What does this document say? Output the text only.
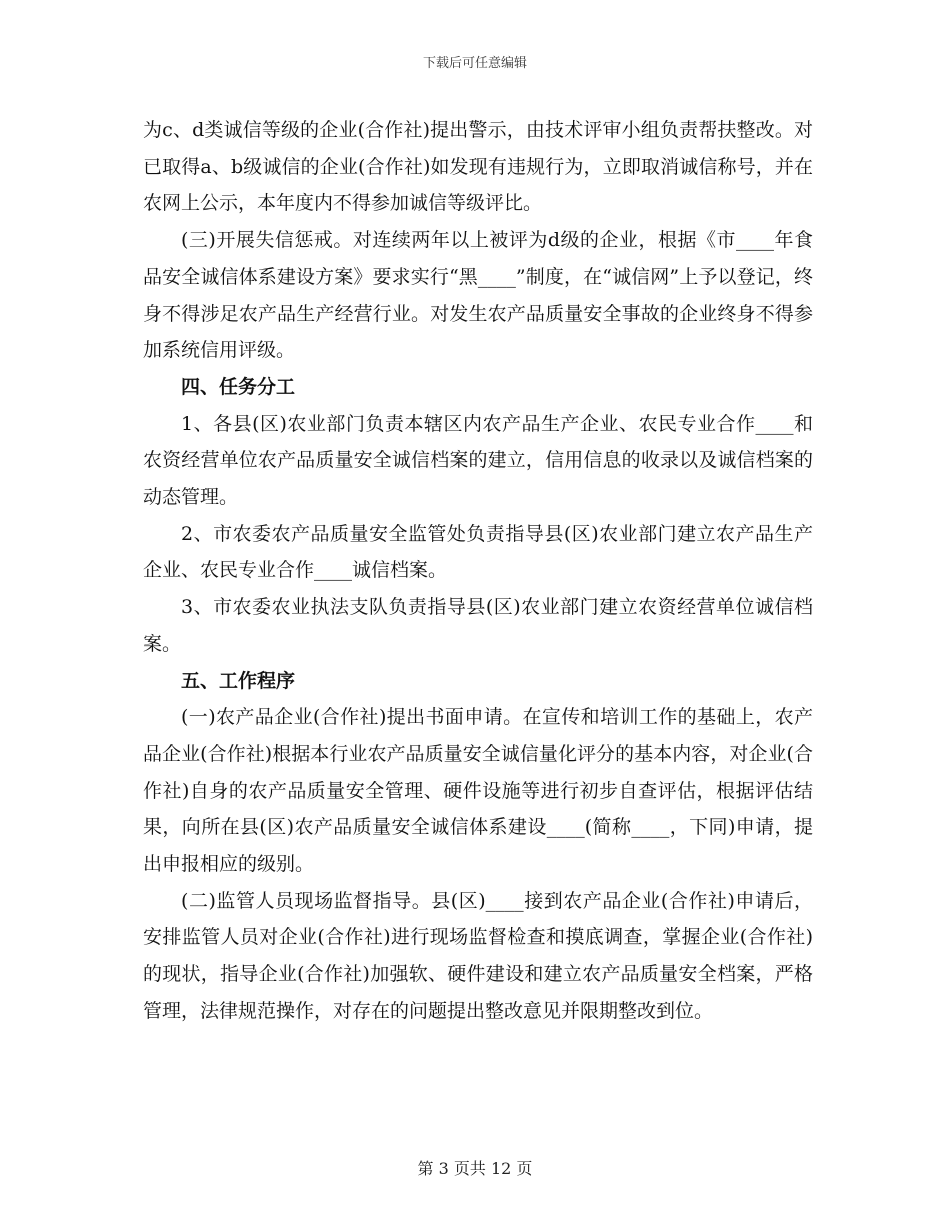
下载后可任意编辑

为c、d类诚信等级的企业(合作社)提出警示，由技术评审小组负责帮扶整改。对已取得a、b级诚信的企业(合作社)如发现有违规行为，立即取消诚信称号，并在农网上公示，本年度内不得参加诚信等级评比。

(三)开展失信惩戒。对连续两年以上被评为d级的企业，根据《市____年食品安全诚信体系建设方案》要求实行“黑____”制度，在“诚信网”上予以登记，终身不得涉足农产品生产经营行业。对发生农产品质量安全事故的企业终身不得参加系统信用评级。

四、任务分工

1、各县(区)农业部门负责本辖区内农产品生产企业、农民专业合作____和农资经营单位农产品质量安全诚信档案的建立，信用信息的收录以及诚信档案的动态管理。

2、市农委农产品质量安全监管处负责指导县(区)农业部门建立农产品生产企业、农民专业合作____诚信档案。

3、市农委农业执法支队负责指导县(区)农业部门建立农资经营单位诚信档案。

五、工作程序

(一)农产品企业(合作社)提出书面申请。在宣传和培训工作的基础上，农产品企业(合作社)根据本行业农产品质量安全诚信量化评分的基本内容，对企业(合作社)自身的农产品质量安全管理、硬件设施等进行初步自查评估，根据评估结果，向所在县(区)农产品质量安全诚信体系建设____(简称____，下同)申请，提出申报相应的级别。

(二)监管人员现场监督指导。县(区)____接到农产品企业(合作社)申请后，安排监管人员对企业(合作社)进行现场监督检查和摸底调查，掌握企业(合作社)的现状，指导企业(合作社)加强软、硬件建设和建立农产品质量安全档案，严格管理，法律规范操作，对存在的问题提出整改意见并限期整改到位。

第 3 页共 12 页
